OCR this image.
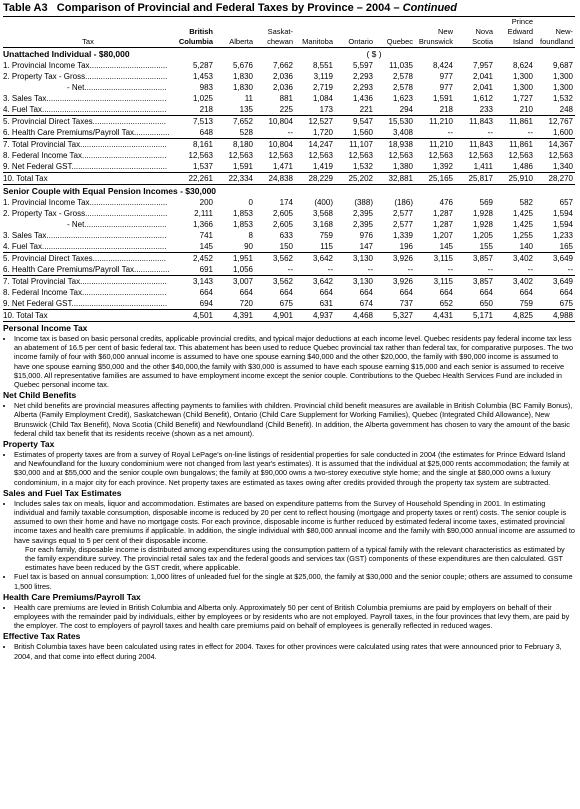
Table A3 Comparison of Provincial and Federal Taxes by Province – 2004 – Continued
									Prince	
	British		Saskat-				New	Nova	Edward	New-
Tax	Columbia	Alberta	chewan	Manitoba	Ontario	Quebec	Brunswick	Scotia	Island	foundland
Unattached Individual - $80,000					( $ )					
1. Provincial Income Tax...................................	5,287	5,676	7,662	8,551	5,597	11,035	8,424	7,957	8,624	9,687
2. Property Tax - Gross.....................................	1,453	1,830	2,036	3,119	2,293	2,578	977	2,041	1,300	1,300
- Net.....................................	983	1,830	2,036	2,719	2,293	2,578	977	2,041	1,300	1,300
3. Sales Tax......................................................	1,025	11	881	1,084	1,436	1,623	1,591	1,612	1,727	1,532
4. Fuel Tax........................................................	218	135	225	173	221	294	218	233	210	248
5. Provincial Direct Taxes.................................	7,513	7,652	10,804	12,527	9,547	15,530	11,210	11,843	11,861	12,767
6. Health Care Premiums/Payroll Tax................	648	528	--	1,720	1,560	3,408	--	--	--	1,600
7. Total Provincial Tax.......................................	8,161	8,180	10,804	14,247	11,107	18,938	11,210	11,843	11,861	14,367
8. Federal Income Tax......................................	12,563	12,563	12,563	12,563	12,563	12,563	12,563	12,563	12,563	12,563
9. Net Federal GST...........................................	1,537	1,591	1,471	1,419	1,532	1,380	1,392	1,411	1,486	1,340
10. Total Tax	22,261	22,334	24,838	28,229	25,202	32,881	25,165	25,817	25,910	28,270
Senior Couple with Equal Pension Incomes - $30,000										
1. Provincial Income Tax...................................	200	0	174	(400)	(388)	(186)	476	569	582	657
2. Property Tax - Gross.....................................	2,111	1,853	2,605	3,568	2,395	2,577	1,287	1,928	1,425	1,594
- Net.....................................	1,366	1,853	2,605	3,168	2,395	2,577	1,287	1,928	1,425	1,594
3. Sales Tax......................................................	741	8	633	759	976	1,339	1,207	1,205	1,255	1,233
4. Fuel Tax........................................................	145	90	150	115	147	196	145	155	140	165
5. Provincial Direct Taxes.................................	2,452	1,951	3,562	3,642	3,130	3,926	3,115	3,857	3,402	3,649
6. Health Care Premiums/Payroll Tax................	691	1,056	--	--	--	--	--	--	--	--
7. Total Provincial Tax.......................................	3,143	3,007	3,562	3,642	3,130	3,926	3,115	3,857	3,402	3,649
8. Federal Income Tax......................................	664	664	664	664	664	664	664	664	664	664
9. Net Federal GST...........................................	694	720	675	631	674	737	652	650	759	675
10. Total Tax	4,501	4,391	4,901	4,937	4,468	5,327	4,431	5,171	4,825	4,988
Personal Income Tax
• Income tax is based on basic personal credits, applicable provincial credits, and typical major deductions at each income level. Quebec residents pay federal income tax less an abatement of 16.5 per cent of basic federal tax. This abatement has been used to reduce Quebec provincial tax rather than federal tax, for comparative purposes. The two income family of four with $60,000 annual income is assumed to have one spouse earning $40,000 and the other $20,000, the family with $90,000 income is assumed to have one spouse earning $50,000 and the other $40,000,the family with $30,000 is assumed to have each spouse earning $15,000 and each senior is assumed to receive $15,000. All representative families are assumed to have employment income except the senior couple. Contributions to the Quebec Health Services Fund are included in Quebec personal income tax.
Net Child Benefits
• Net child benefits are provincial measures affecting payments to families with children. Provincial child benefit measures are available in British Columbia (BC Family Bonus), Alberta (Family Employment Credit), Saskatchewan (Child Benefit), Ontario (Child Care Supplement for Working Families), Quebec (Integrated Child Allowance), New Brunswick (Child Tax Benefit), Nova Scotia (Child Benefit) and Newfoundland (Child Benefit). In addition, the Alberta government has chosen to vary the amount of the basic federal child tax benefit that its residents receive (shown as a net amount).
Property Tax
• Estimates of property taxes are from a survey of Royal LePage's on-line listings of residential properties for sale conducted in 2004 (the estimates for Prince Edward Island and Newfoundland for the luxury condominium were not changed from last year's estimates). It is assumed that the individual at $25,000 rents accommodation; the family at $30,000 and at $55,000 and the senior couple own bungalows; the family at $90,000 owns a two-storey executive style home; and the single at $80,000 owns a luxury condominium, in a major city for each province. Net property taxes are estimated as taxes owing after credits provided through the property tax system are subtracted.
Sales and Fuel Tax Estimates
• Includes sales tax on meals, liquor and accommodation. Estimates are based on expenditure patterns from the Survey of Household Spending in 2001. In estimating individual and family taxable consumption, disposable income is reduced by 20 per cent to reflect housing (mortgage and property taxes or rent) costs. The senior couple is assumed to own their home and have no mortgage costs. For each province, disposable income is further reduced by estimated federal income taxes, estimated provincial income taxes and health care premiums if applicable. In addition, the single individual with $80,000 annual income and the family with $90,000 annual income are assumed to have savings equal to 5 per cent of their disposable income.

For each family, disposable income is distributed among expenditures using the consumption pattern of a typical family with the relevant characteristics as estimated by the family expenditure survey. The provincial retail sales tax and the federal goods and services tax (GST) components of these expenditures are then calculated. GST estimates have been reduced by the GST credit, where applicable.

• Fuel tax is based on annual consumption: 1,000 litres of unleaded fuel for the single at $25,000, the family at $30,000 and the senior couple; others are assumed to consume 1,500 litres.
Health Care Premiums/Payroll Tax
• Health care premiums are levied in British Columbia and Alberta only. Approximately 50 per cent of British Columbia premiums are paid by employers on behalf of their employees with the remainder paid by individuals, either by employees or by residents who are not employed. Payroll taxes, in the four provinces that levy them, are paid by the employer. The cost to employers of payroll taxes and health care premiums paid on behalf of employees is generally reflected in reduced wages.
Effective Tax Rates
• British Columbia taxes have been calculated using rates in effect for 2004. Taxes for other provinces were calculated using rates that were announced prior to February 3, 2004, and that come into effect during 2004.
